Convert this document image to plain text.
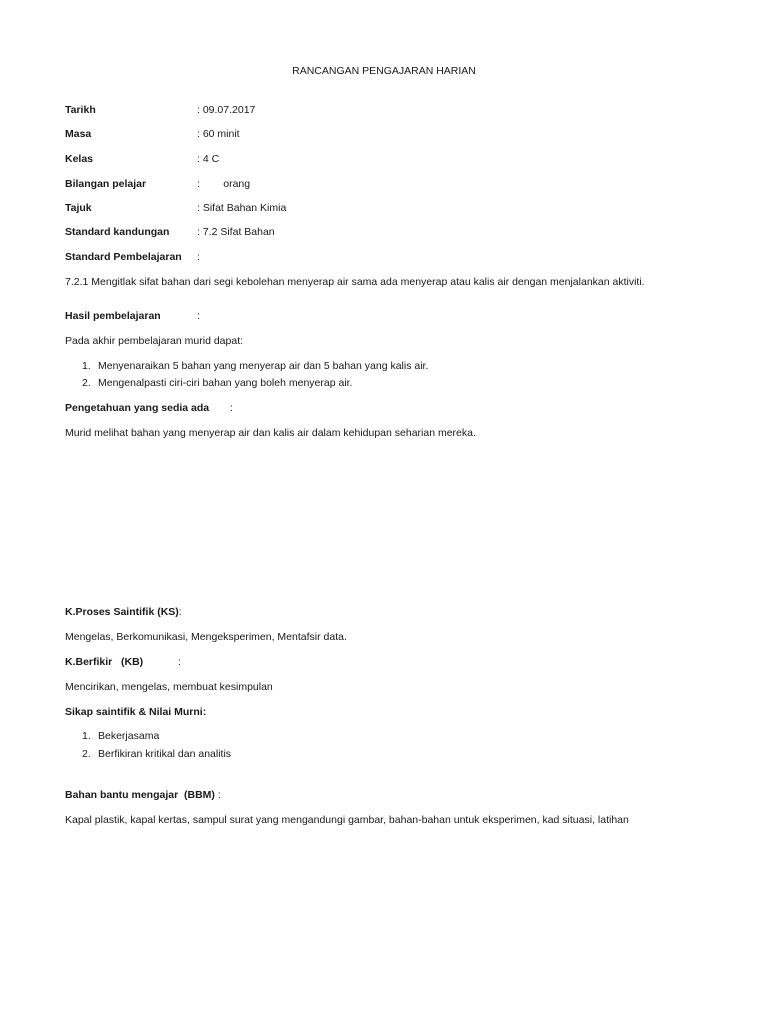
RANCANGAN PENGAJARAN HARIAN
Tarikh	: 09.07.2017
Masa	: 60 minit
Kelas	: 4 C
Bilangan pelajar	:        orang
Tajuk	: Sifat Bahan Kimia
Standard kandungan	: 7.2 Sifat Bahan
Standard Pembelajaran :
7.2.1 Mengitlak sifat bahan dari segi kebolehan menyerap air sama ada menyerap atau kalis air dengan menjalankan aktiviti.
Hasil pembelajaran	:
Pada akhir pembelajaran murid dapat:
1. Menyenaraikan 5 bahan yang menyerap air dan 5 bahan yang kalis air.
2. Mengenalpasti ciri-ciri bahan yang boleh menyerap air.
Pengetahuan yang sedia ada :
Murid melihat bahan yang menyerap air dan kalis air dalam kehidupan seharian mereka.
K.Proses Saintifik (KS):
Mengelas, Berkomunikasi, Mengeksperimen, Mentafsir data.
K.Berfikir   (KB)	:
Mencirikan, mengelas, membuat kesimpulan
Sikap saintifik & Nilai Murni:
1. Bekerjasama
2. Berfikiran kritikal dan analitis
Bahan bantu mengajar  (BBM) :
Kapal plastik, kapal kertas, sampul surat yang mengandungi gambar, bahan-bahan untuk eksperimen, kad situasi, latihan
